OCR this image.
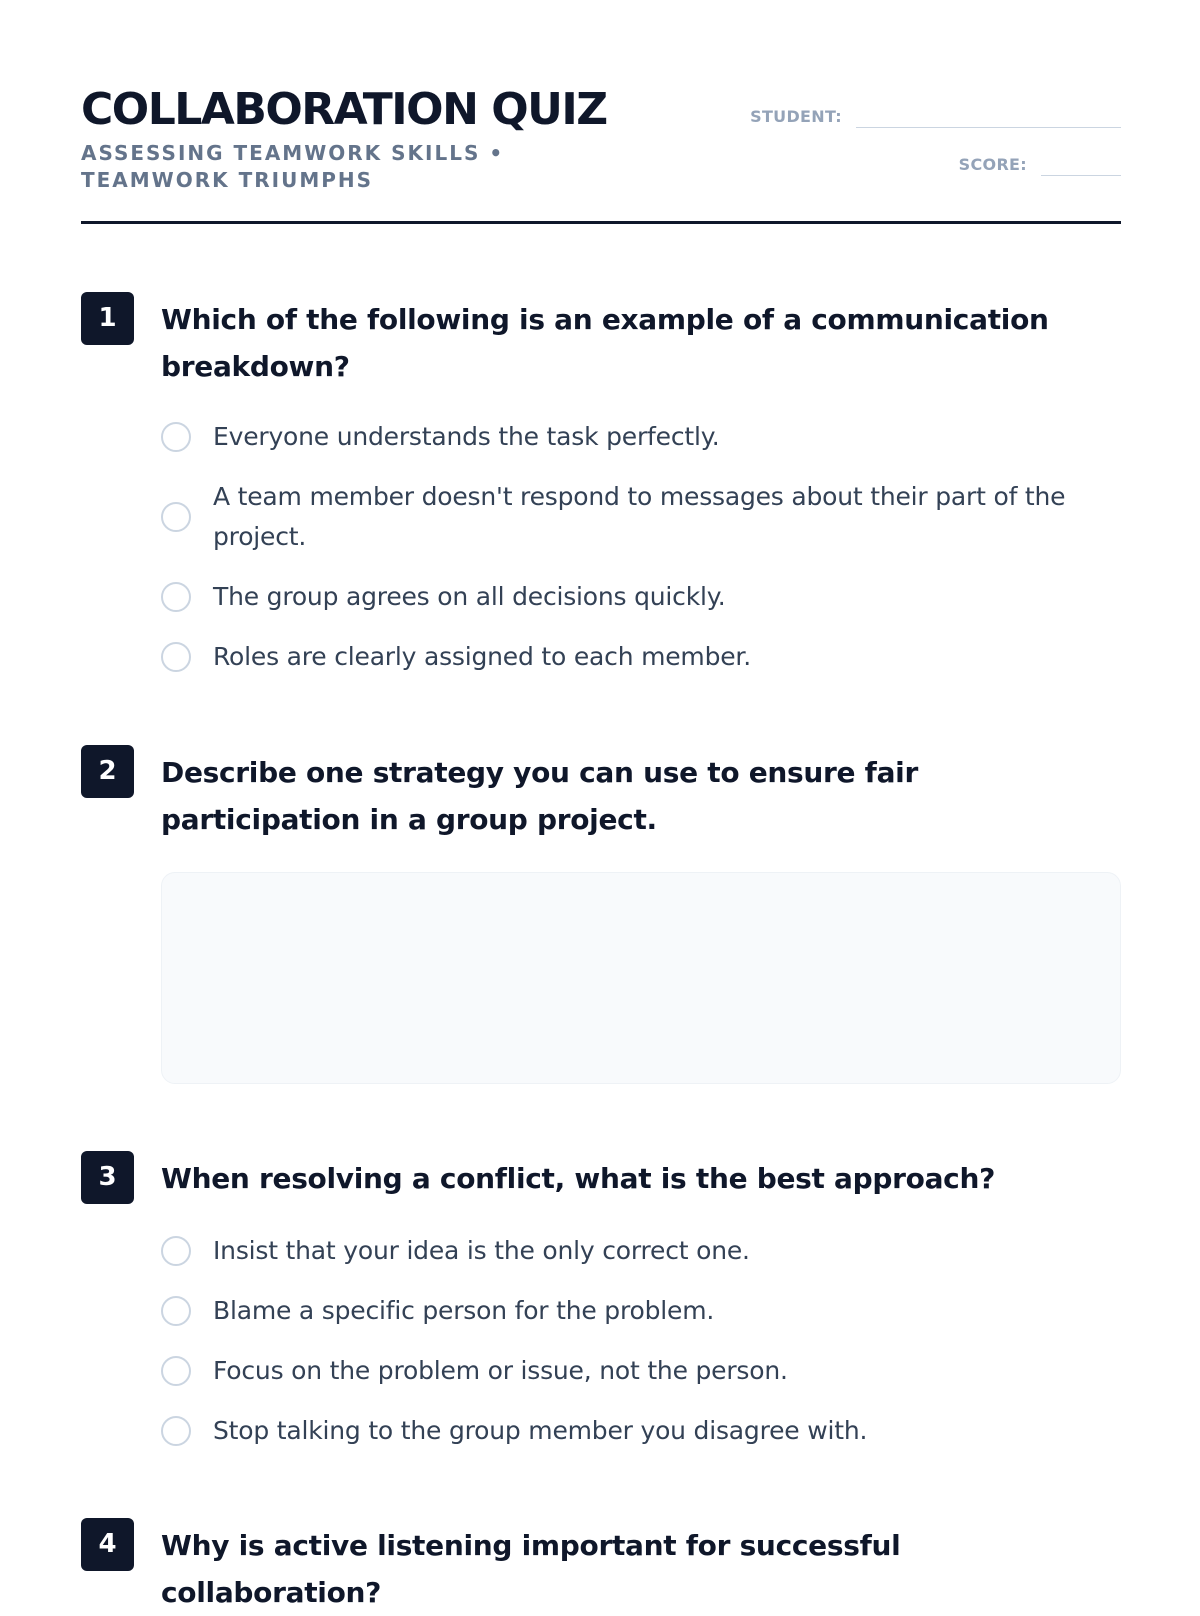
COLLABORATION QUIZ
ASSESSING TEAMWORK SKILLS • TEAMWORK TRIUMPHS
STUDENT:
SCORE:
1	Which of the following is an example of a communication breakdown?
Everyone understands the task perfectly.
A team member doesn't respond to messages about their part of the project.
The group agrees on all decisions quickly.
Roles are clearly assigned to each member.
2	Describe one strategy you can use to ensure fair participation in a group project.
3	When resolving a conflict, what is the best approach?
Insist that your idea is the only correct one.
Blame a specific person for the problem.
Focus on the problem or issue, not the person.
Stop talking to the group member you disagree with.
4	Why is active listening important for successful collaboration?
